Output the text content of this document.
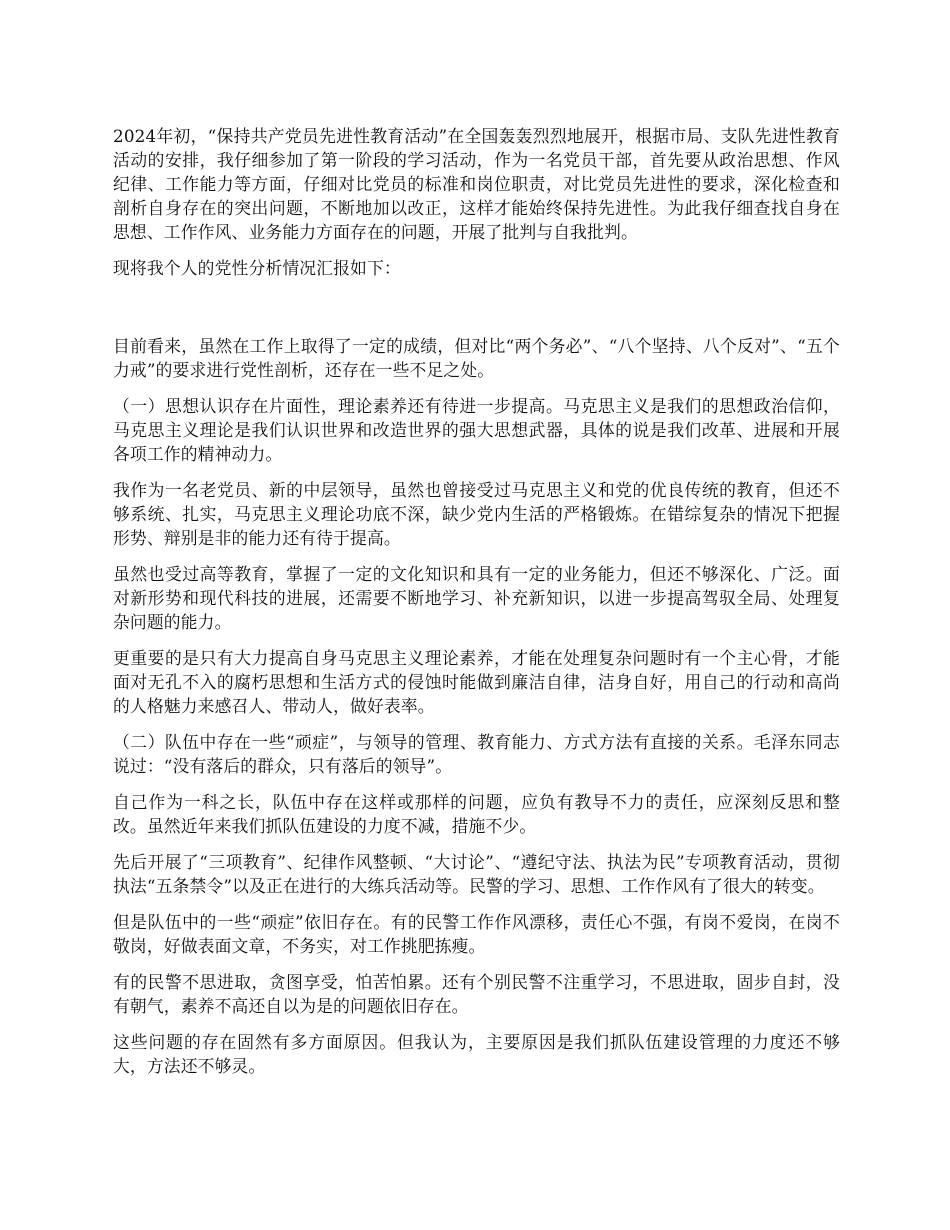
2024年初，“保持共产党员先进性教育活动”在全国轰轰烈烈地展开，根据市局、支队先进性教育活动的安排，我仔细参加了第一阶段的学习活动，作为一名党员干部，首先要从政治思想、作风纪律、工作能力等方面，仔细对比党员的标准和岗位职责，对比党员先进性的要求，深化检查和剖析自身存在的突出问题，不断地加以改正，这样才能始终保持先进性。为此我仔细查找自身在思想、工作作风、业务能力方面存在的问题，开展了批判与自我批判。

现将我个人的党性分析情况汇报如下：

目前看来，虽然在工作上取得了一定的成绩，但对比“两个务必”、“八个坚持、八个反对”、“五个力戒”的要求进行党性剖析，还存在一些不足之处。

（一）思想认识存在片面性，理论素养还有待进一步提高。马克思主义是我们的思想政治信仰，马克思主义理论是我们认识世界和改造世界的强大思想武器，具体的说是我们改革、进展和开展各项工作的精神动力。

我作为一名老党员、新的中层领导，虽然也曾接受过马克思主义和党的优良传统的教育，但还不够系统、扎实，马克思主义理论功底不深，缺少党内生活的严格锻炼。在错综复杂的情况下把握形势、辩别是非的能力还有待于提高。

虽然也受过高等教育，掌握了一定的文化知识和具有一定的业务能力，但还不够深化、广泛。面对新形势和现代科技的进展，还需要不断地学习、补充新知识，以进一步提高驾驭全局、处理复杂问题的能力。

更重要的是只有大力提高自身马克思主义理论素养，才能在处理复杂问题时有一个主心骨，才能面对无孔不入的腐朽思想和生活方式的侵蚀时能做到廉洁自律，洁身自好，用自己的行动和高尚的人格魅力来感召人、带动人，做好表率。

（二）队伍中存在一些“顽症”，与领导的管理、教育能力、方式方法有直接的关系。毛泽东同志说过：“没有落后的群众，只有落后的领导”。

自己作为一科之长，队伍中存在这样或那样的问题，应负有教导不力的责任，应深刻反思和整改。虽然近年来我们抓队伍建设的力度不减，措施不少。

先后开展了“三项教育”、纪律作风整顿、“大讨论”、“遵纪守法、执法为民”专项教育活动，贯彻执法“五条禁令”以及正在进行的大练兵活动等。民警的学习、思想、工作作风有了很大的转变。

但是队伍中的一些“顽症”依旧存在。有的民警工作作风漂移，责任心不强，有岗不爱岗，在岗不敬岗，好做表面文章，不务实，对工作挑肥拣瘦。

有的民警不思进取，贪图享受，怕苦怕累。还有个别民警不注重学习，不思进取，固步自封，没有朝气，素养不高还自以为是的问题依旧存在。

这些问题的存在固然有多方面原因。但我认为，主要原因是我们抓队伍建设管理的力度还不够大，方法还不够灵。
